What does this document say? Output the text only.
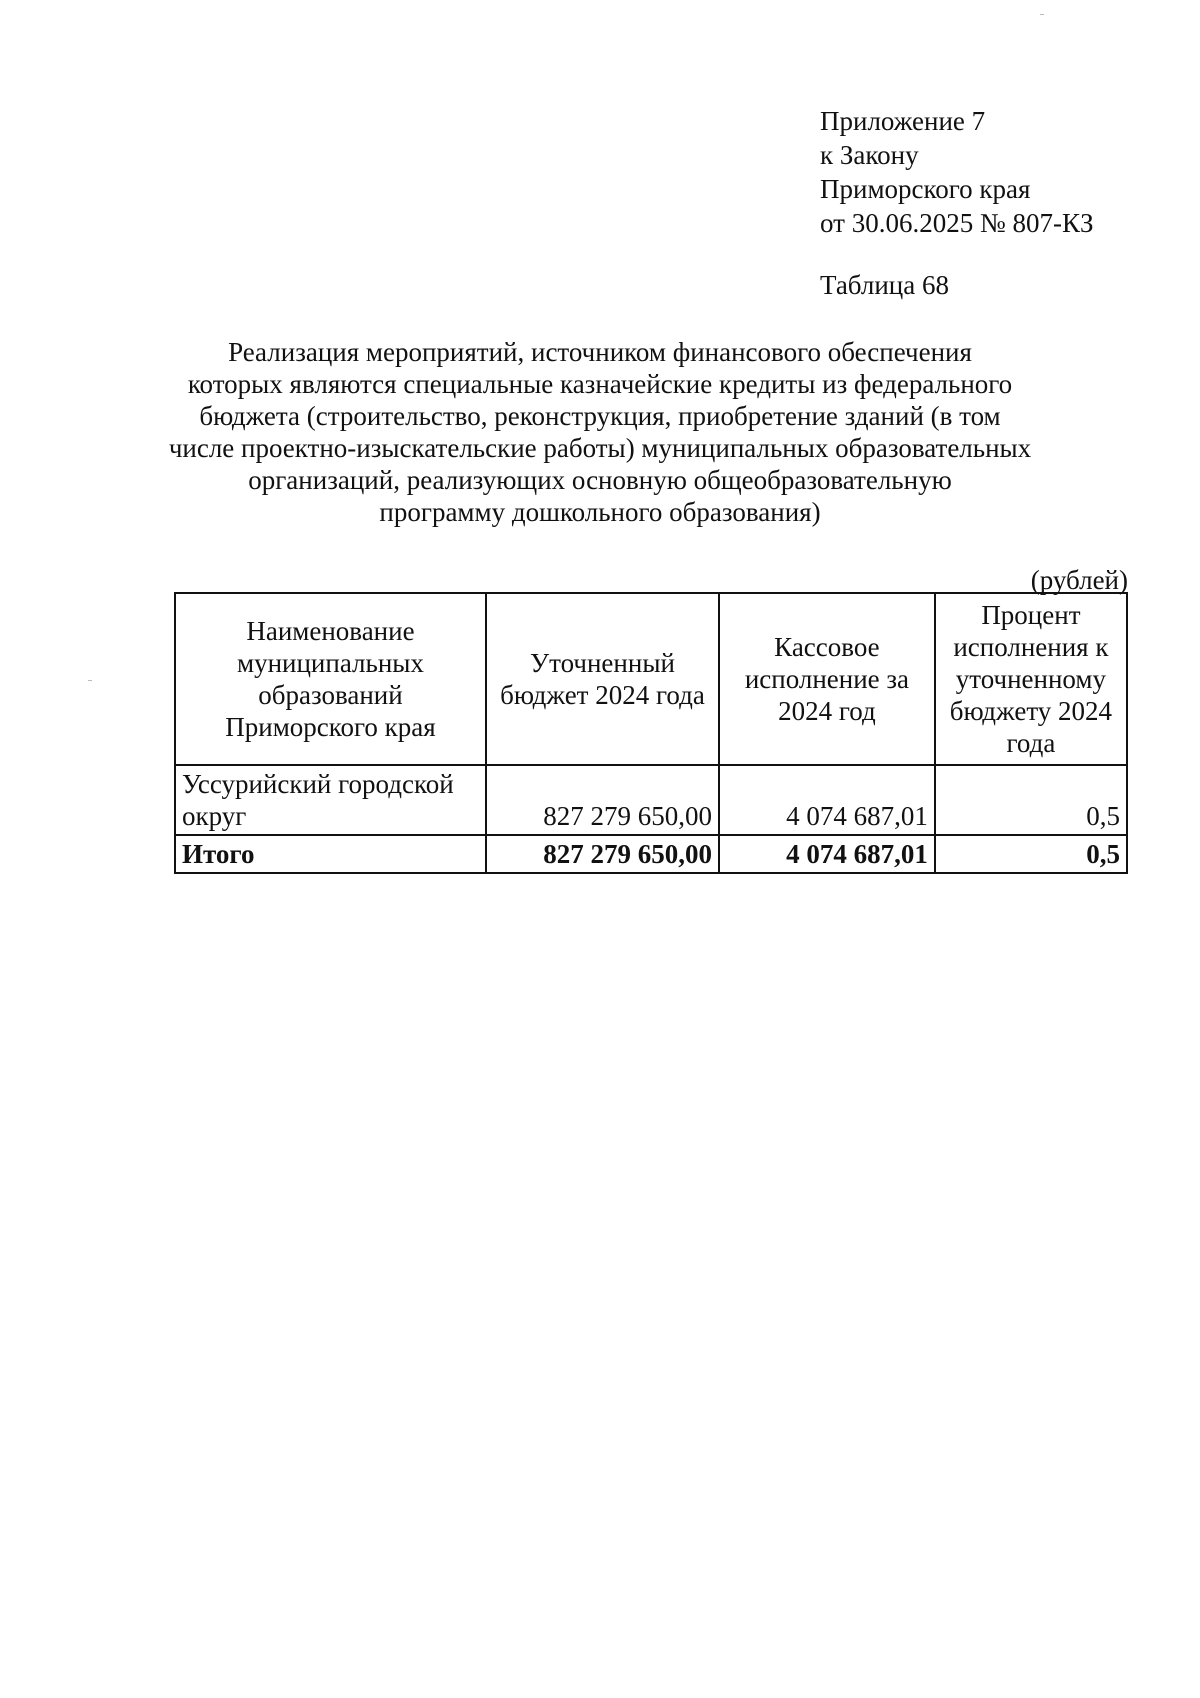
Приложение 7
к Закону
Приморского края
от 30.06.2025 № 807-КЗ
Таблица 68
Реализация мероприятий, источником финансового обеспечения
которых являются специальные казначейские кредиты из федерального
бюджета (строительство, реконструкция, приобретение зданий (в том
числе проектно-изыскательские работы) муниципальных образовательных
организаций, реализующих основную общеобразовательную
программу дошкольного образования)
(рублей)
Наименование муниципальных образований Приморского края	Уточненный бюджет 2024 года	Кассовое исполнение за 2024 год	Процент исполнения к уточненному бюджету 2024 года
Уссурийский городской округ	827 279 650,00	4 074 687,01	0,5
Итого	827 279 650,00	4 074 687,01	0,5
